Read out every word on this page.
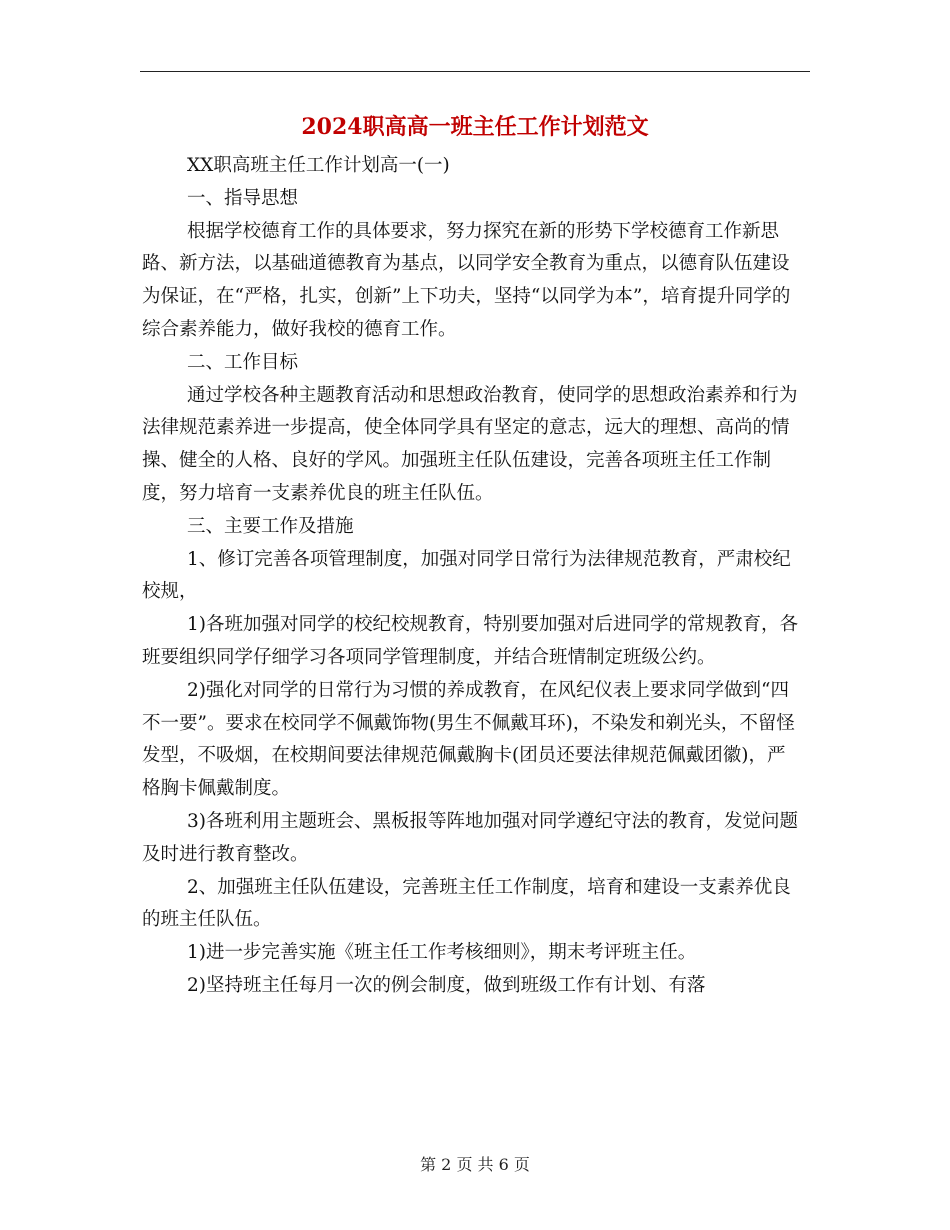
2024职高高一班主任工作计划范文

XX职高班主任工作计划高一(一)

一、指导思想

根据学校德育工作的具体要求，努力探究在新的形势下学校德育工作新思路、新方法，以基础道德教育为基点，以同学安全教育为重点，以德育队伍建设为保证，在“严格，扎实，创新”上下功夫，坚持“以同学为本”，培育提升同学的综合素养能力，做好我校的德育工作。

二、工作目标

通过学校各种主题教育活动和思想政治教育，使同学的思想政治素养和行为法律规范素养进一步提高，使全体同学具有坚定的意志，远大的理想、高尚的情操、健全的人格、良好的学风。加强班主任队伍建设，完善各项班主任工作制度，努力培育一支素养优良的班主任队伍。

三、主要工作及措施

1、修订完善各项管理制度，加强对同学日常行为法律规范教育，严肃校纪校规，

1)各班加强对同学的校纪校规教育，特别要加强对后进同学的常规教育，各班要组织同学仔细学习各项同学管理制度，并结合班情制定班级公约。

2)强化对同学的日常行为习惯的养成教育，在风纪仪表上要求同学做到“四不一要”。要求在校同学不佩戴饰物(男生不佩戴耳环)，不染发和剃光头，不留怪发型，不吸烟，在校期间要法律规范佩戴胸卡(团员还要法律规范佩戴团徽)，严格胸卡佩戴制度。

3)各班利用主题班会、黑板报等阵地加强对同学遵纪守法的教育，发觉问题及时进行教育整改。

2、加强班主任队伍建设，完善班主任工作制度，培育和建设一支素养优良的班主任队伍。

1)进一步完善实施《班主任工作考核细则》，期末考评班主任。

2)坚持班主任每月一次的例会制度，做到班级工作有计划、有落

第 2 页 共 6 页
